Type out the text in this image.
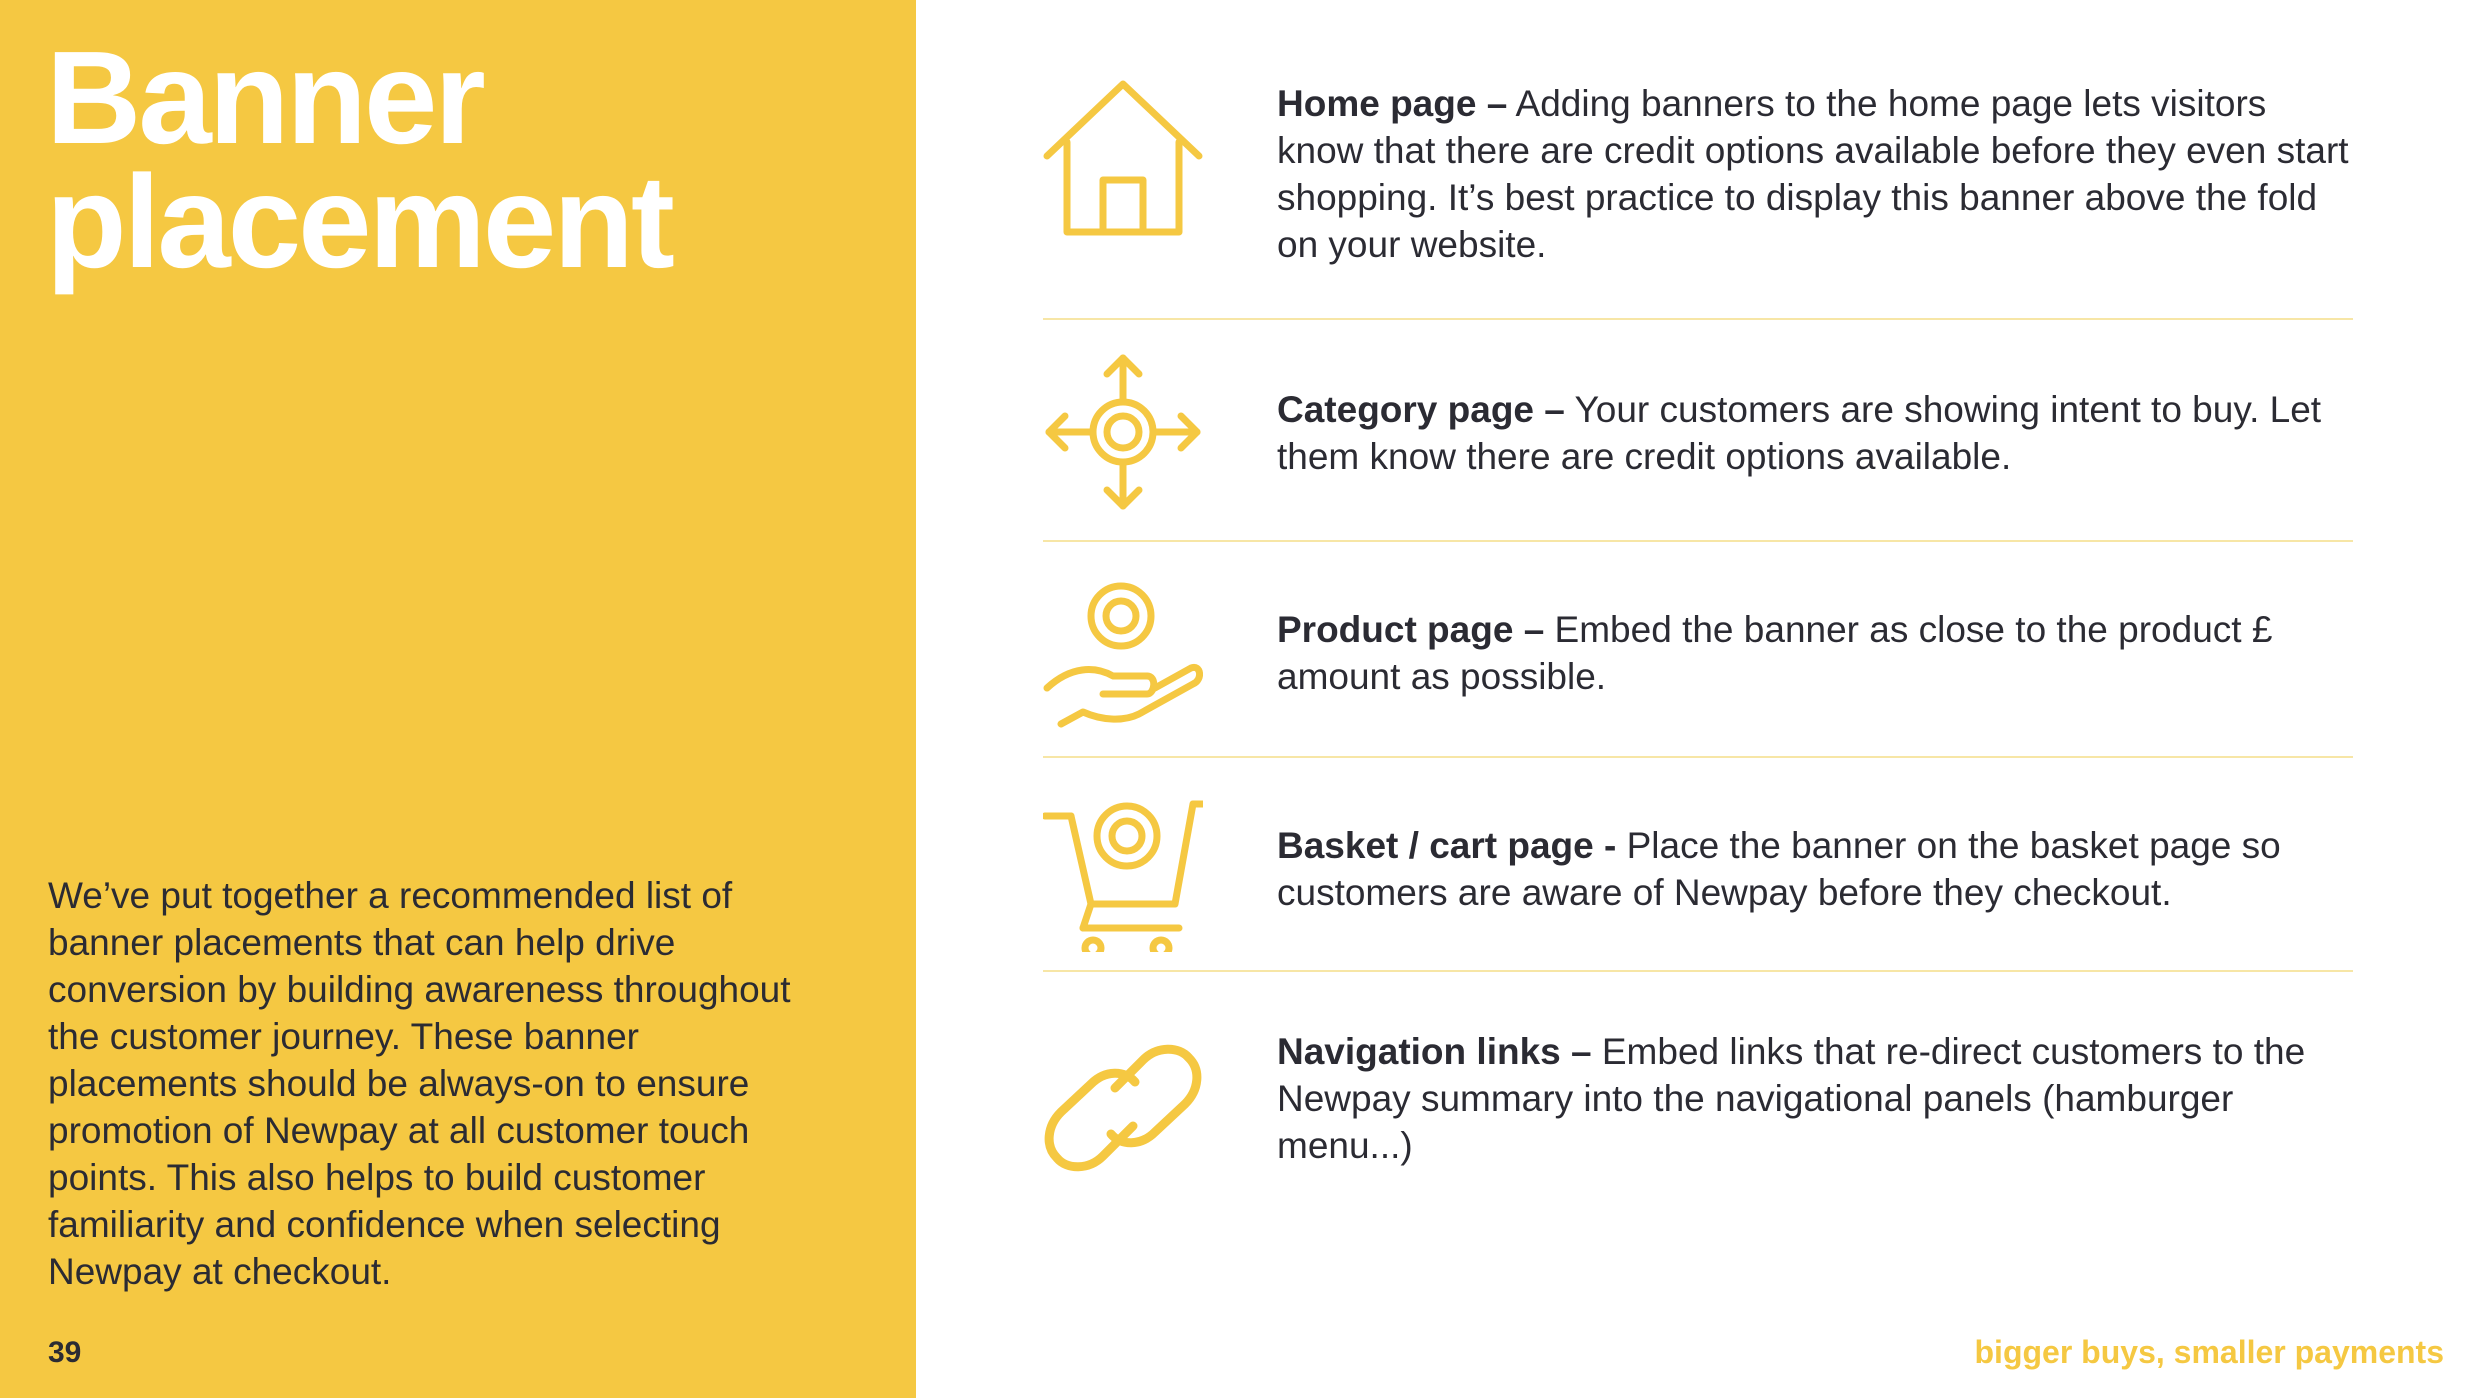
Banner
placement

We’ve put together a recommended list of banner placements that can help drive conversion by building awareness throughout the customer journey. These banner placements should be always-on to ensure promotion of Newpay at all customer touch points. This also helps to build customer familiarity and confidence when selecting Newpay at checkout.

39

Home page – Adding banners to the home page lets visitors know that there are credit options available before they even start shopping. It’s best practice to display this banner above the fold on your website.

Category page – Your customers are showing intent to buy. Let them know there are credit options available.

Product page – Embed the banner as close to the product £ amount as possible.

Basket / cart page - Place the banner on the basket page so customers are aware of Newpay before they checkout.

Navigation links – Embed links that re-direct customers to the Newpay summary into the navigational panels (hamburger menu...)

bigger buys, smaller payments
